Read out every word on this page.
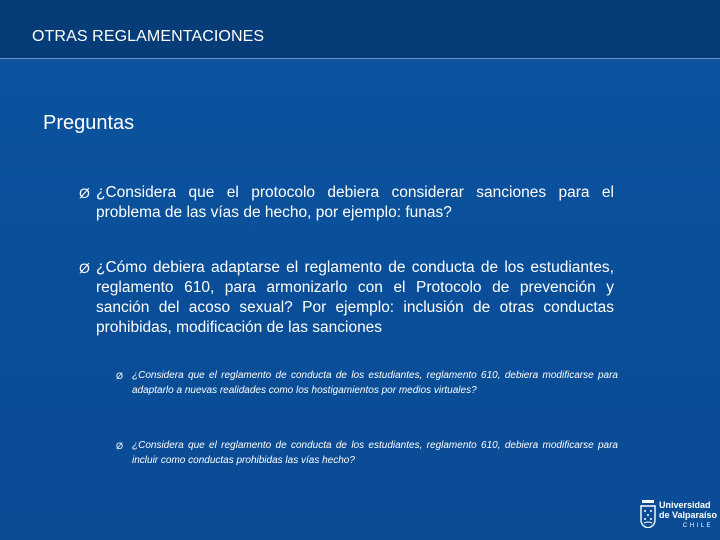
OTRAS REGLAMENTACIONES
Preguntas
Ø ¿Considera que el protocolo debiera considerar sanciones para el problema de las vías de hecho, por ejemplo: funas?
Ø ¿Cómo debiera adaptarse el reglamento de conducta de los estudiantes, reglamento 610, para armonizarlo con el Protocolo de prevención y sanción del acoso sexual? Por ejemplo: inclusión de otras conductas prohibidas, modificación de las sanciones
Ø ¿Considera que el reglamento de conducta de los estudiantes, reglamento 610, debiera modificarse para adaptarlo a nuevas realidades como los hostigamientos por medios virtuales?
Ø ¿Considera que el reglamento de conducta de los estudiantes, reglamento 610, debiera modificarse para incluir como conductas prohibidas las vías hecho?
Universidad
de Valparaíso
CHILE
